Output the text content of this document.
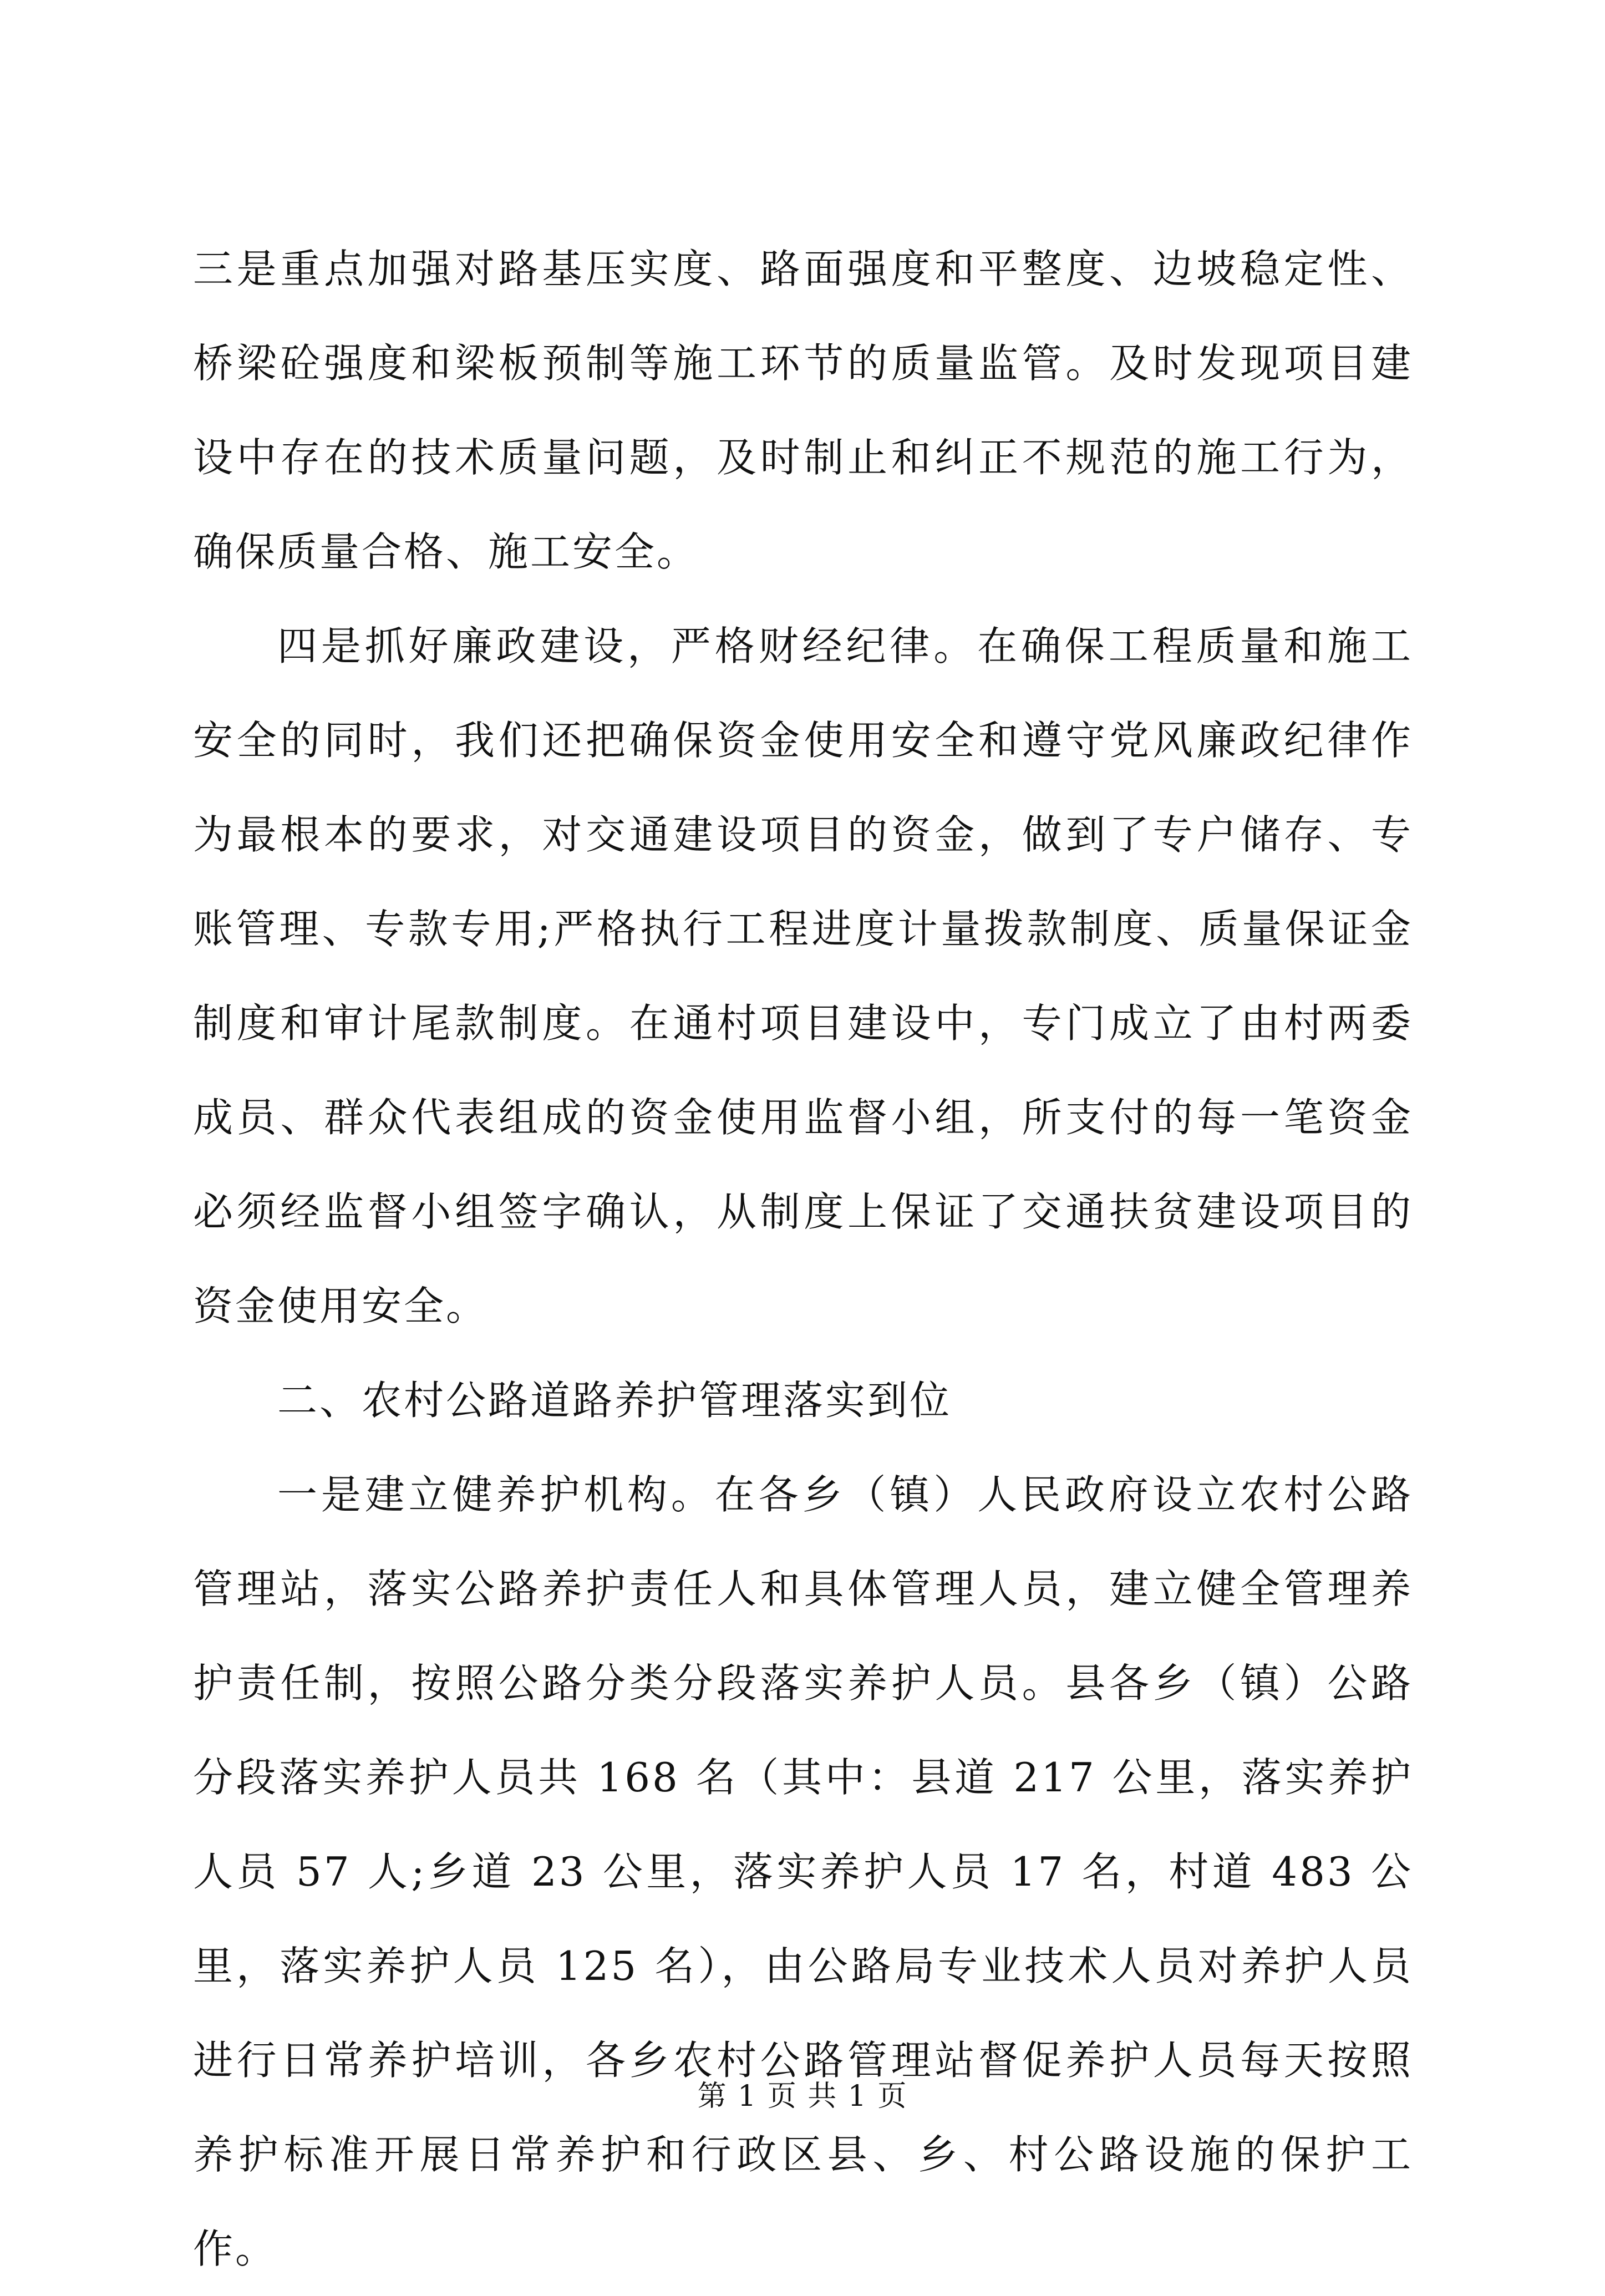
三是重点加强对路基压实度、路面强度和平整度、边坡稳定性、桥梁砼强度和梁板预制等施工环节的质量监管。及时发现项目建设中存在的技术质量问题，及时制止和纠正不规范的施工行为，确保质量合格、施工安全。

四是抓好廉政建设，严格财经纪律。在确保工程质量和施工安全的同时，我们还把确保资金使用安全和遵守党风廉政纪律作为最根本的要求，对交通建设项目的资金，做到了专户储存、专账管理、专款专用;严格执行工程进度计量拨款制度、质量保证金制度和审计尾款制度。在通村项目建设中，专门成立了由村两委成员、群众代表组成的资金使用监督小组，所支付的每一笔资金必须经监督小组签字确认，从制度上保证了交通扶贫建设项目的资金使用安全。

二、农村公路道路养护管理落实到位

一是建立健养护机构。在各乡（镇）人民政府设立农村公路管理站，落实公路养护责任人和具体管理人员，建立健全管理养护责任制，按照公路分类分段落实养护人员。县各乡（镇）公路分段落实养护人员共 168 名（其中：县道 217 公里，落实养护人员 57 人;乡道 23 公里，落实养护人员 17 名，村道 483 公里，落实养护人员 125 名），由公路局专业技术人员对养护人员进行日常养护培训，各乡农村公路管理站督促养护人员每天按照养护标准开展日常养护和行政区县、乡、村公路设施的保护工作。

第 1 页 共 1 页
